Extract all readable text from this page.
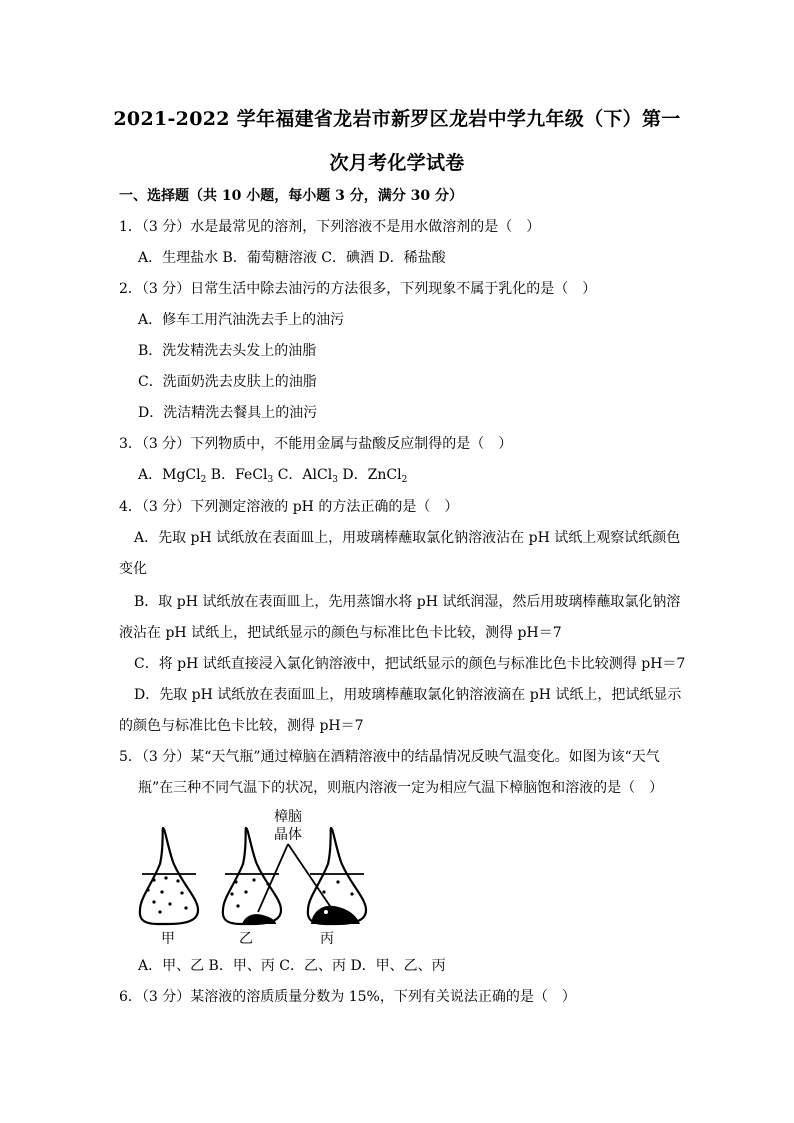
2021-2022 学年福建省龙岩市新罗区龙岩中学九年级（下）第一
次月考化学试卷
一、选择题（共 10 小题，每小题 3 分，满分 30 分）
1．（3 分）水是最常见的溶剂，下列溶液不是用水做溶剂的是（　）
A．生理盐水 B．葡萄糖溶液 C．碘酒 D．稀盐酸
2．（3 分）日常生活中除去油污的方法很多，下列现象不属于乳化的是（　）
A．修车工用汽油洗去手上的油污
B．洗发精洗去头发上的油脂
C．洗面奶洗去皮肤上的油脂
D．洗洁精洗去餐具上的油污
3．（3 分）下列物质中，不能用金属与盐酸反应制得的是（　）
A．MgCl$_2$ B．FeCl$_3$ C．AlCl$_3$ D．ZnCl$_2$
4．（3 分）下列测定溶液的 pH 的方法正确的是（　）
A．先取 pH 试纸放在表面皿上，用玻璃棒蘸取氯化钠溶液沾在 pH 试纸上观察试纸颜色
变化
B．取 pH 试纸放在表面皿上，先用蒸馏水将 pH 试纸润湿，然后用玻璃棒蘸取氯化钠溶
液沾在 pH 试纸上，把试纸显示的颜色与标准比色卡比较，测得 pH＝7
C．将 pH 试纸直接浸入氯化钠溶液中，把试纸显示的颜色与标准比色卡比较测得 pH＝7
D．先取 pH 试纸放在表面皿上，用玻璃棒蘸取氯化钠溶液滴在 pH 试纸上，把试纸显示
的颜色与标准比色卡比较，测得 pH＝7
5．（3 分）某“天气瓶”通过樟脑在酒精溶液中的结晶情况反映气温变化。如图为该“天气
瓶”在三种不同气温下的状况，则瓶内溶液一定为相应气温下樟脑饱和溶液的是（　）
樟脑
晶体
甲	乙	丙
A．甲、乙 B．甲、丙 C．乙、丙 D．甲、乙、丙
6．（3 分）某溶液的溶质质量分数为 15%，下列有关说法正确的是（　）
